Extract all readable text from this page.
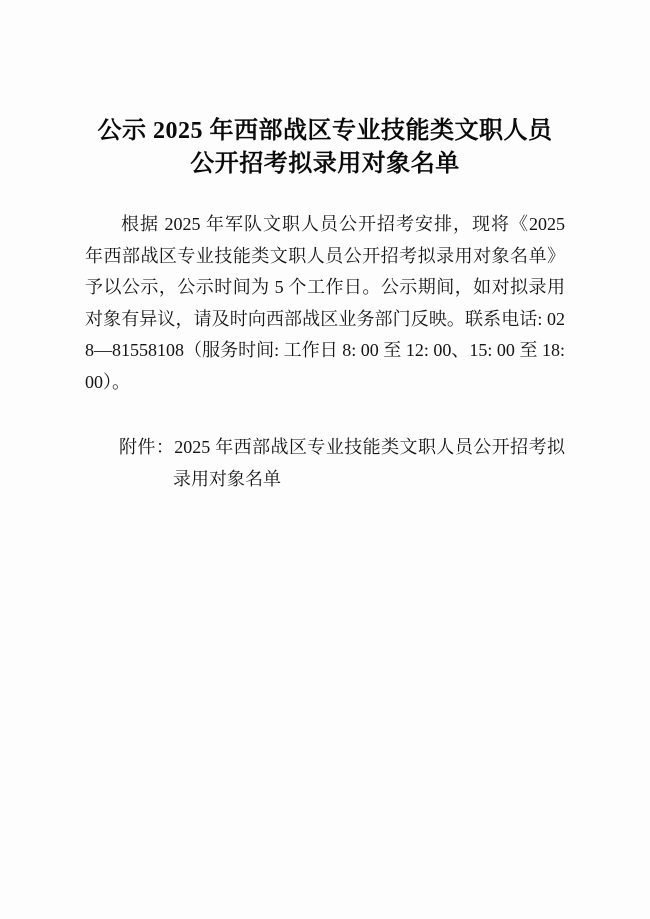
公示 2025 年西部战区专业技能类文职人员
公开招考拟录用对象名单

根据 2025 年军队文职人员公开招考安排，现将《2025 年西部战区专业技能类文职人员公开招考拟录用对象名单》予以公示，公示时间为 5 个工作日。公示期间，如对拟录用对象有异议，请及时向西部战区业务部门反映。联系电话: 028—81558108（服务时间: 工作日 8: 00 至 12: 00、15: 00 至 18: 00）。

附件：2025 年西部战区专业技能类文职人员公开招考拟录用对象名单
